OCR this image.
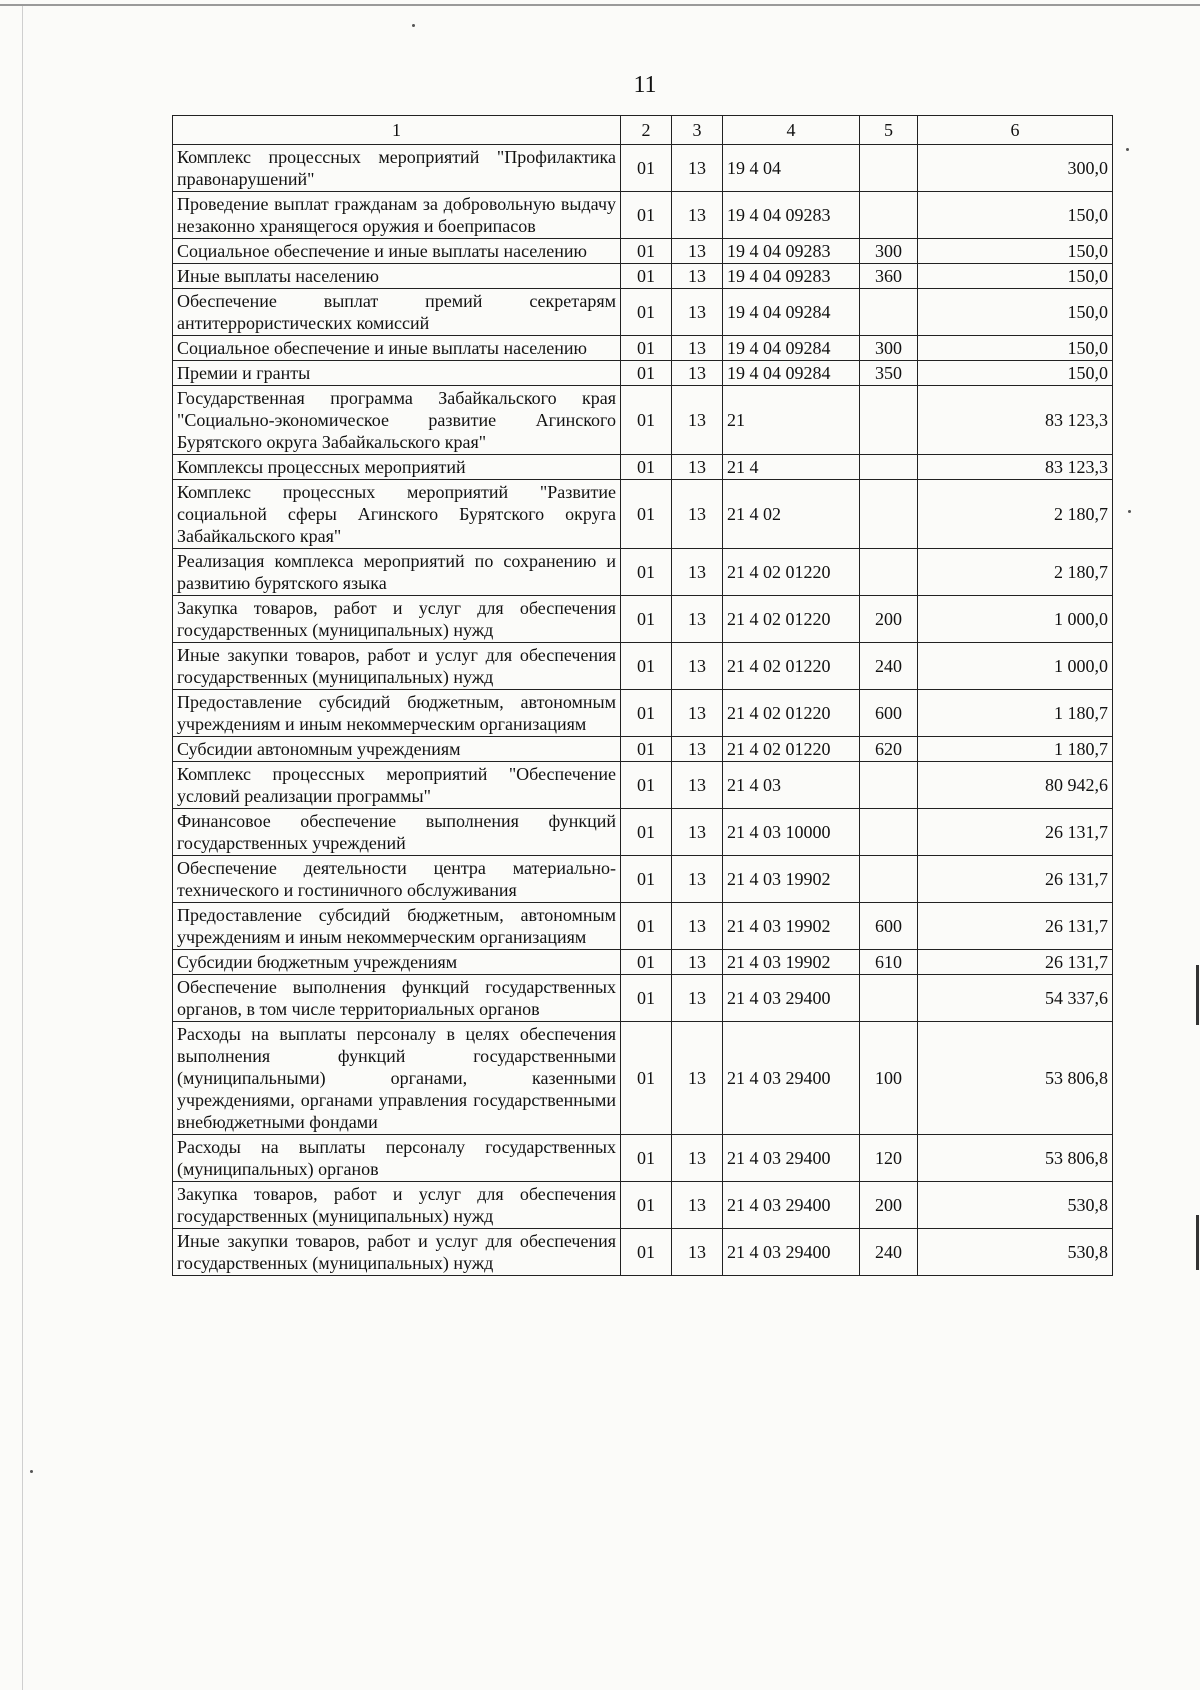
11
1	2	3	4	5	6
Комплекс процессных мероприятий "Профилактика правонарушений"	01	13	19 4 04		300,0
Проведение выплат гражданам за добровольную выдачу незаконно хранящегося оружия и боеприпасов	01	13	19 4 04 09283		150,0
Социальное обеспечение и иные выплаты населению	01	13	19 4 04 09283	300	150,0
Иные выплаты населению	01	13	19 4 04 09283	360	150,0
Обеспечение выплат премий секретарям антитеррористических комиссий	01	13	19 4 04 09284		150,0
Социальное обеспечение и иные выплаты населению	01	13	19 4 04 09284	300	150,0
Премии и гранты	01	13	19 4 04 09284	350	150,0
Государственная программа Забайкальского края "Социально-экономическое развитие Агинского Бурятского округа Забайкальского края"	01	13	21		83 123,3
Комплексы процессных мероприятий	01	13	21 4		83 123,3
Комплекс процессных мероприятий "Развитие социальной сферы Агинского Бурятского округа Забайкальского края"	01	13	21 4 02		2 180,7
Реализация комплекса мероприятий по сохранению и развитию бурятского языка	01	13	21 4 02 01220		2 180,7
Закупка товаров, работ и услуг для обеспечения государственных (муниципальных) нужд	01	13	21 4 02 01220	200	1 000,0
Иные закупки товаров, работ и услуг для обеспечения государственных (муниципальных) нужд	01	13	21 4 02 01220	240	1 000,0
Предоставление субсидий бюджетным, автономным учреждениям и иным некоммерческим организациям	01	13	21 4 02 01220	600	1 180,7
Субсидии автономным учреждениям	01	13	21 4 02 01220	620	1 180,7
Комплекс процессных мероприятий "Обеспечение условий реализации программы"	01	13	21 4 03		80 942,6
Финансовое обеспечение выполнения функций государственных учреждений	01	13	21 4 03 10000		26 131,7
Обеспечение деятельности центра материально-технического и гостиничного обслуживания	01	13	21 4 03 19902		26 131,7
Предоставление субсидий бюджетным, автономным учреждениям и иным некоммерческим организациям	01	13	21 4 03 19902	600	26 131,7
Субсидии бюджетным учреждениям	01	13	21 4 03 19902	610	26 131,7
Обеспечение выполнения функций государственных органов, в том числе территориальных органов	01	13	21 4 03 29400		54 337,6
Расходы на выплаты персоналу в целях обеспечения выполнения функций государственными (муниципальными) органами, казенными учреждениями, органами управления государственными внебюджетными фондами	01	13	21 4 03 29400	100	53 806,8
Расходы на выплаты персоналу государственных (муниципальных) органов	01	13	21 4 03 29400	120	53 806,8
Закупка товаров, работ и услуг для обеспечения государственных (муниципальных) нужд	01	13	21 4 03 29400	200	530,8
Иные закупки товаров, работ и услуг для обеспечения государственных (муниципальных) нужд	01	13	21 4 03 29400	240	530,8
